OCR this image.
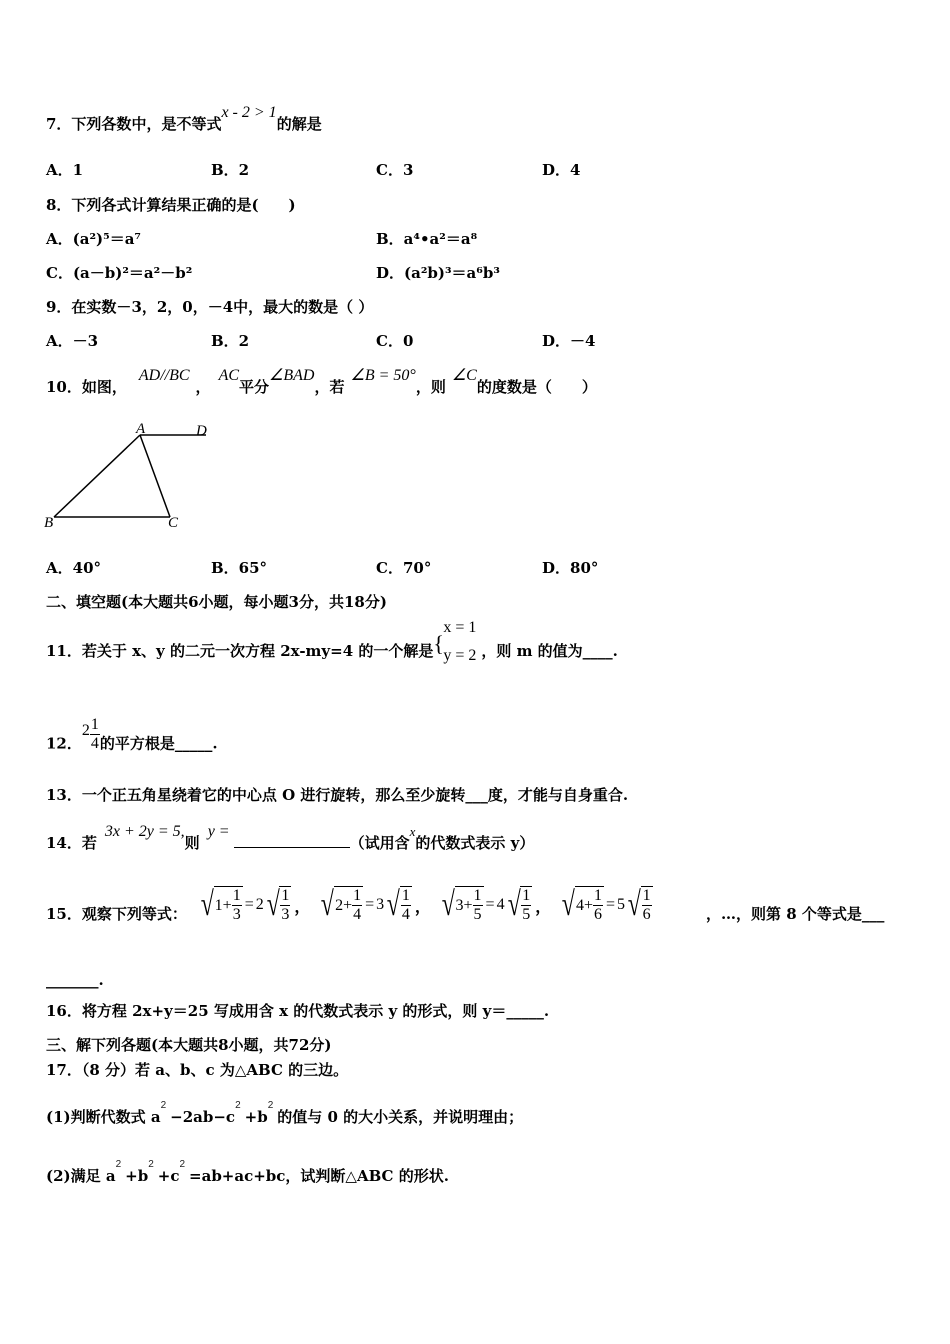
7．下列各数中，是不等式x - 2 > 1的解是
A．1	B．2	C．3	D．4
8．下列各式计算结果正确的是(　　)
A．(a²)⁵＝a⁷	B．a⁴•a²＝a⁸
C．(a－b)²＝a²－b²	D．(a²b)³＝a⁶b³
9．在实数－3，2，0，－4中，最大的数是（ ）
A．－3	B．2	C．0	D．－4
10．如图，AD//BC，AC平分∠BAD，若∠B = 50°，则∠C的度数是（　　）
A	D
B	C
A．40°	B．65°	C．70°	D．80°
二、填空题(本大题共6小题，每小题3分，共18分)
11．若关于 x、y 的二元一次方程 2x-my=4 的一个解是 {
x = 1
y = 2 ，则 m 的值为____.
12．$2 \frac{1}{4}$ 的平方根是_____.
13．一个正五角星绕着它的中心点 O 进行旋转，那么至少旋转___度，才能与自身重合.
14．若3x + 2y = 5,则y =（试用含x的代数式表示 y）
15．观察下列等式： √ $1 + \frac{1}{3} = 2$ √ $\frac{1}{3}$ ， √ $2 + \frac{1}{4} = 3$ √ $\frac{1}{4}$ ， √ $3 + \frac{1}{5} = 4$ √ $\frac{1}{5}$ ， √ $4 + \frac{1}{6} = 5$ √ $\frac{1}{6}$	，…，则第 8 个等式是___
_______.
16．将方程 2x+y＝25 写成用含 x 的代数式表示 y 的形式，则 y＝_____.
三、解下列各题(本大题共8小题，共72分)
17．（8 分）若 a、b、c 为△ABC 的三边。
(1)判断代数式 $a^2-2ab-c^2+b^2$的值与 0 的大小关系，并说明理由；
(2)满足 $a^2+b^2+c^2=ab+ac+bc$，试判断△ABC 的形状.
